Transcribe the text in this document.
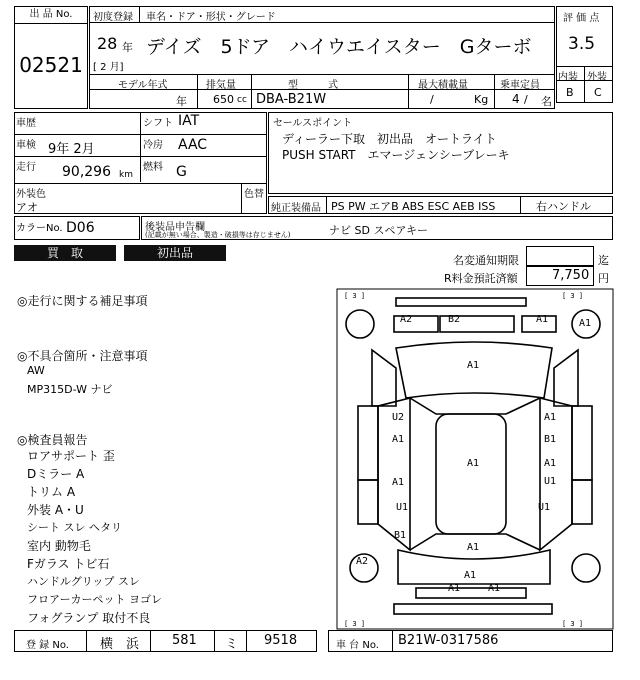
出 品 No.
02521
初度登録 車名・ドア・形状・グレード
28 年
[ 2 月]
デイズ　5ドア　ハイウエイスター　Gターボ
モデル年式	排気量	型　　　式	最大積載量	乗車定員
年 650 cc DBA-B21W	/	Kg 4 / 名
評 価 点
3.5
内装 外装
B C
車歴	シフト IAT
車検 9年 2月	冷房 AAC
走行 90,296 km
燃料 G
外装色
アオ
色替
セールスポイント
ディーラー下取　初出品　オートライト
PUSH START　エマージェンシーブレーキ
純正装備品 PS PW エアB ABS ESC AEB ISS	右ハンドル
カラーNo. D06	後装品申告欄
(記載が無い場合、製造・破損等は存じません)	ナビ SD スペアキー
買　取	初出品
名変通知期限	迄
R料金預託済額	7,750 円
◎走行に関する補足事項
◎不具合箇所・注意事項
AW
MP315D-W ナビ
◎検査員報告
ロアサポート 歪
Dミラー A
トリム A
外装 A・U
シート スレ ヘタリ
室内 動物毛
Fガラス トビ石
ハンドルグリップ スレ
フロアーカーペット ヨゴレ
フォグランプ 取付不良
[ 3 ]	[ 3 ]
[ 3 ]	[ 3 ]
A2	B2	A1	A1
A1
U2	A1
A1	B1
A1	A1
A1	U1
U1	U1
B1
A1
A2
A1
A1	A1
登 録 No. 横　浜	581 ミ 9518	車 台 No. B21W-0317586
